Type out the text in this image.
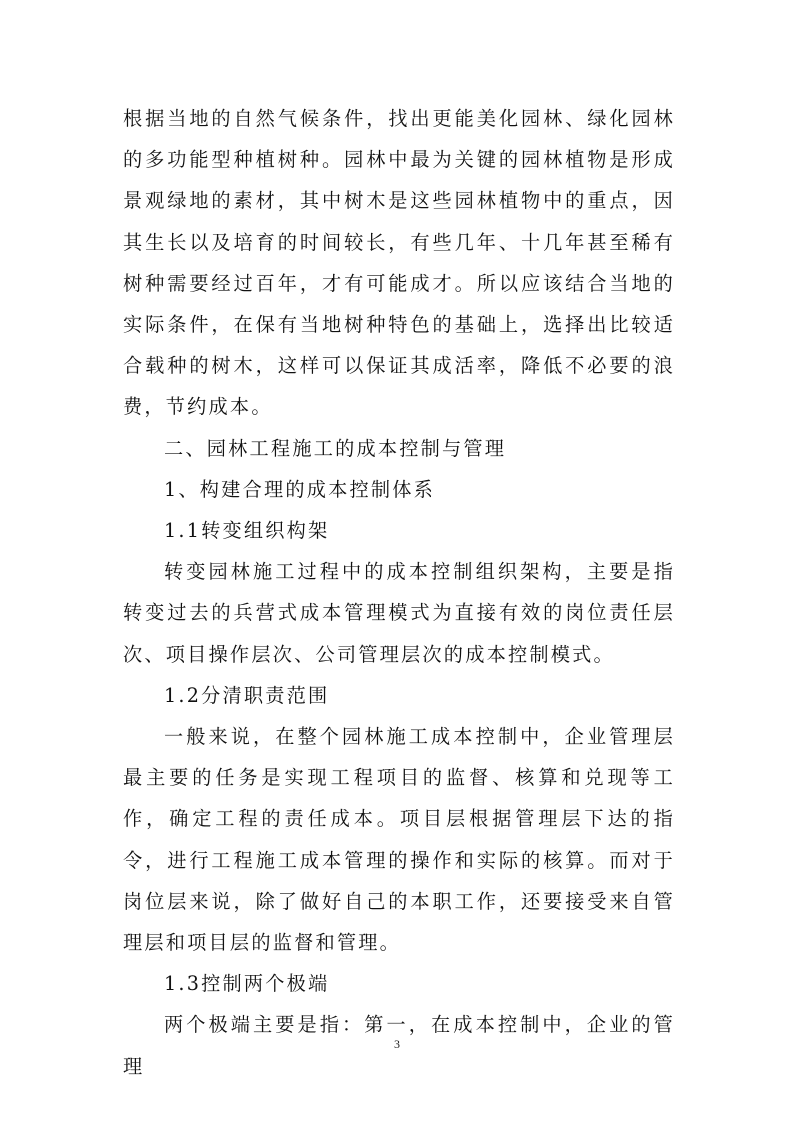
根据当地的自然气候条件，找出更能美化园林、绿化园林的多功能型种植树种。园林中最为关键的园林植物是形成景观绿地的素材，其中树木是这些园林植物中的重点，因其生长以及培育的时间较长，有些几年、十几年甚至稀有树种需要经过百年，才有可能成才。所以应该结合当地的实际条件，在保有当地树种特色的基础上，选择出比较适合载种的树木，这样可以保证其成活率，降低不必要的浪费，节约成本。

二、园林工程施工的成本控制与管理

1、构建合理的成本控制体系

1.1转变组织构架

转变园林施工过程中的成本控制组织架构，主要是指转变过去的兵营式成本管理模式为直接有效的岗位责任层次、项目操作层次、公司管理层次的成本控制模式。

1.2分清职责范围

一般来说，在整个园林施工成本控制中，企业管理层最主要的任务是实现工程项目的监督、核算和兑现等工作，确定工程的责任成本。项目层根据管理层下达的指令，进行工程施工成本管理的操作和实际的核算。而对于岗位层来说，除了做好自己的本职工作，还要接受来自管理层和项目层的监督和管理。

1.3控制两个极端

两个极端主要是指：第一，在成本控制中，企业的管理

3
